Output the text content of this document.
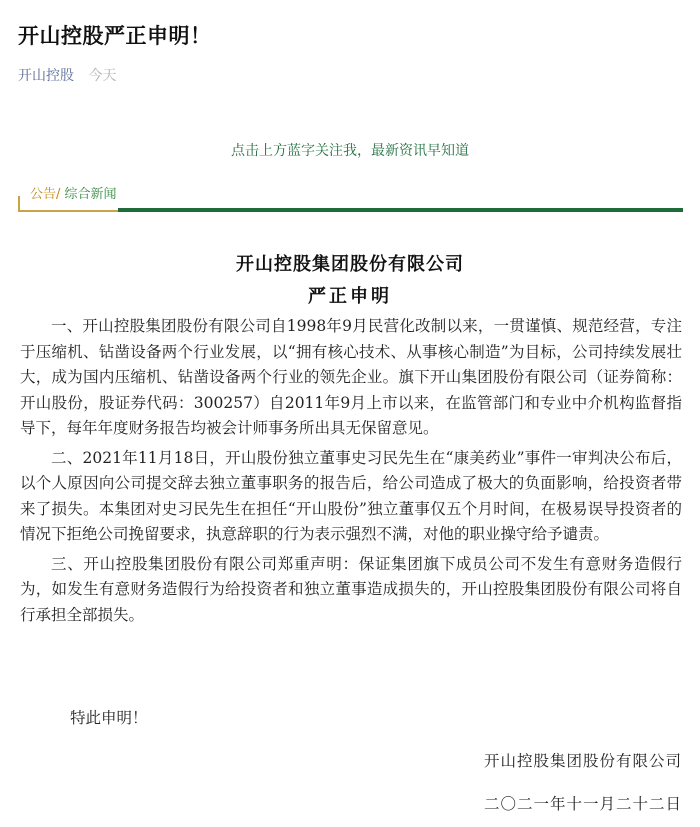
开山控股严正申明！
开山控股 今天
点击上方蓝字关注我，最新资讯早知道
公告/ 综合新闻
开山控股集团股份有限公司
严正申明

一、开山控股集团股份有限公司自1998年9月民营化改制以来，一贯谨慎、规范经营，专注于压缩机、钻凿设备两个行业发展，以“拥有核心技术、从事核心制造”为目标，公司持续发展壮大，成为国内压缩机、钻凿设备两个行业的领先企业。旗下开山集团股份有限公司（证券简称：开山股份，股证券代码：300257）自2011年9月上市以来，在监管部门和专业中介机构监督指导下，每年年度财务报告均被会计师事务所出具无保留意见。

二、2021年11月18日，开山股份独立董事史习民先生在“康美药业”事件一审判决公布后，以个人原因向公司提交辞去独立董事职务的报告后，给公司造成了极大的负面影响，给投资者带来了损失。本集团对史习民先生在担任“开山股份”独立董事仅五个月时间，在极易误导投资者的情况下拒绝公司挽留要求，执意辞职的行为表示强烈不满，对他的职业操守给予谴责。

三、开山控股集团股份有限公司郑重声明：保证集团旗下成员公司不发生有意财务造假行为，如发生有意财务造假行为给投资者和独立董事造成损失的，开山控股集团股份有限公司将自行承担全部损失。

特此申明！
开山控股集团股份有限公司
二〇二一年十一月二十二日
